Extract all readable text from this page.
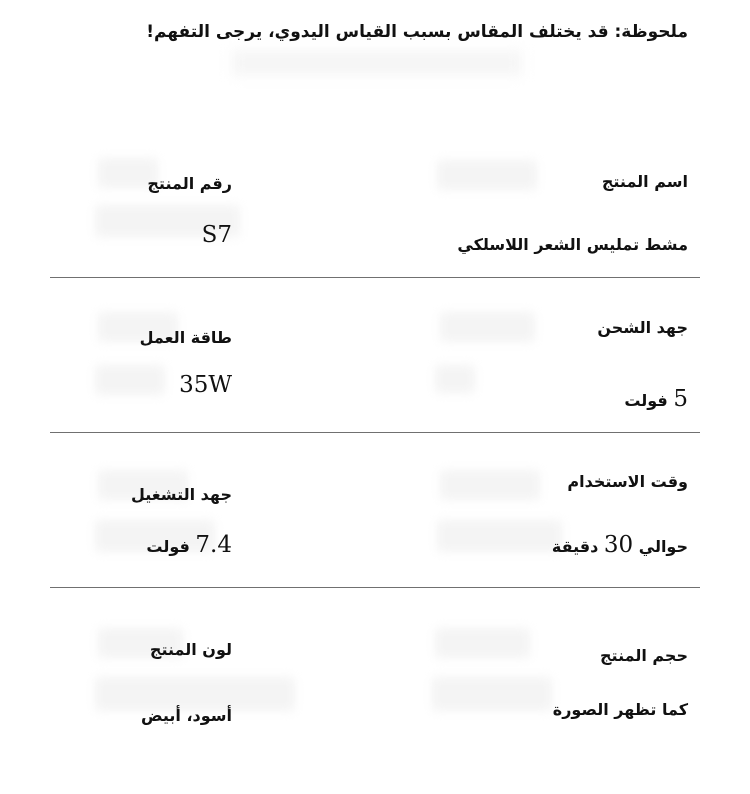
ملحوظة: قد يختلف المقاس بسبب القياس اليدوي، يرجى التفهم!
اسم المنتج
مشط تمليس الشعر اللاسلكي
رقم المنتج
S7
جهد الشحن
5 فولت
طاقة العمل
35W
وقت الاستخدام
حوالي 30 دقيقة
جهد التشغيل
7.4 فولت
حجم المنتج
كما تظهر الصورة
لون المنتج
أسود، أبيض
